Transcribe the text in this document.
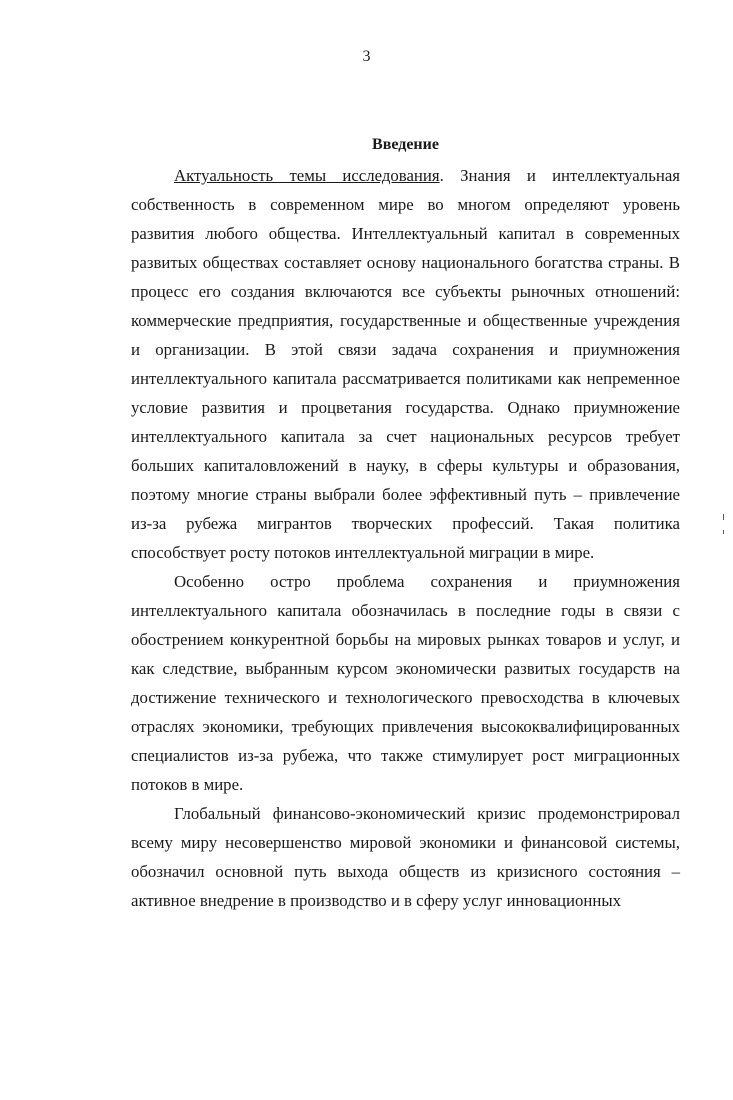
3
Введение

Актуальность темы исследования. Знания и интеллектуальная собственность в современном мире во многом определяют уровень развития любого общества. Интеллектуальный капитал в современных развитых обществах составляет основу национального богатства страны. В процесс его создания включаются все субъекты рыночных отношений: коммерческие предприятия, государственные и общественные учреждения и организации. В этой связи задача сохранения и приумножения интеллектуального капитала рассматривается политиками как непременное условие развития и процветания государства. Однако приумножение интеллектуального капитала за счет национальных ресурсов требует больших капиталовложений в науку, в сферы культуры и образования, поэтому многие страны выбрали более эффективный путь – привлечение из-за рубежа мигрантов творческих профессий. Такая политика способствует росту потоков интеллектуальной миграции в мире.

Особенно остро проблема сохранения и приумножения интеллектуального капитала обозначилась в последние годы в связи с обострением конкурентной борьбы на мировых рынках товаров и услуг, и как следствие, выбранным курсом экономически развитых государств на достижение технического и технологического превосходства в ключевых отраслях экономики, требующих привлечения высококвалифицированных специалистов из-за рубежа, что также стимулирует рост миграционных потоков в мире.

Глобальный финансово-экономический кризис продемонстрировал всему миру несовершенство мировой экономики и финансовой системы, обозначил основной путь выхода обществ из кризисного состояния – активное внедрение в производство и в сферу услуг инновационных
